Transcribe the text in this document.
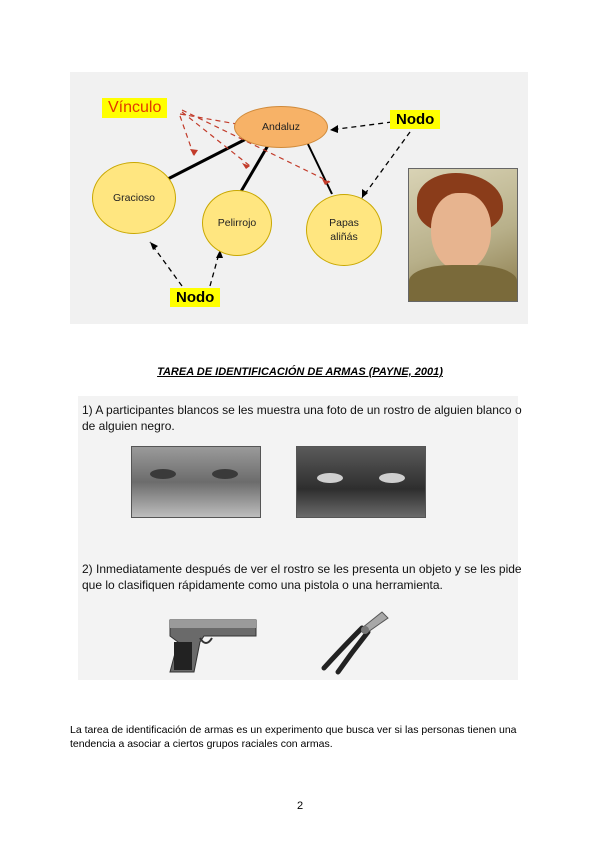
Andaluz
Gracioso
Pelirrojo	Papas
aliñás
Vínculo
Nodo
Nodo
TAREA DE IDENTIFICACIÓN DE ARMAS (PAYNE, 2001)
1) A participantes blancos se les muestra una foto de un rostro de alguien blanco o de alguien negro.
2) Inmediatamente después de ver el rostro se les presenta un objeto y se les pide que lo clasifiquen rápidamente como una pistola o una herramienta.
La tarea de identificación de armas es un experimento que busca ver si las personas tienen una tendencia a asociar a ciertos grupos raciales con armas.
2
